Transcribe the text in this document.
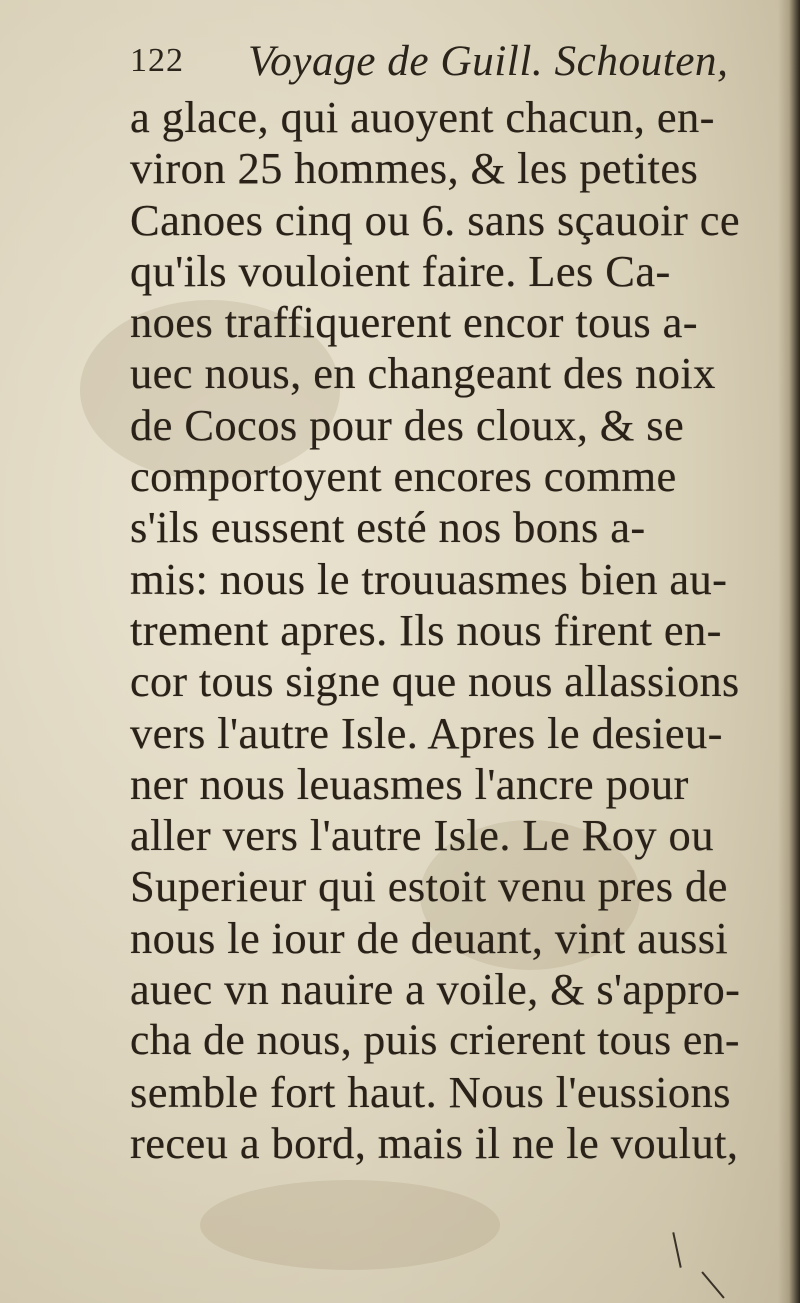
122 Voyage de Guill. Schouten,
a glace, qui auoyent chacun, en-
viron 25 hommes, & les petites
Canoes cinq ou 6. sans sçauoir ce
qu'ils vouloient faire. Les Ca-
noes traffiquerent encor tous a-
uec nous, en changeant des noix
de Cocos pour des cloux, & se
comportoyent encores comme
s'ils eussent esté nos bons a-
mis: nous le trouuasmes bien au-
trement apres. Ils nous firent en-
cor tous signe que nous allassions
vers l'autre Isle. Apres le desieu-
ner nous leuasmes l'ancre pour
aller vers l'autre Isle. Le Roy ou
Superieur qui estoit venu pres de
nous le iour de deuant, vint aussi
auec vn nauire a voile, & s'appro-
cha de nous, puis crierent tous en-
semble fort haut. Nous l'eussions
receu a bord, mais il ne le voulut,
